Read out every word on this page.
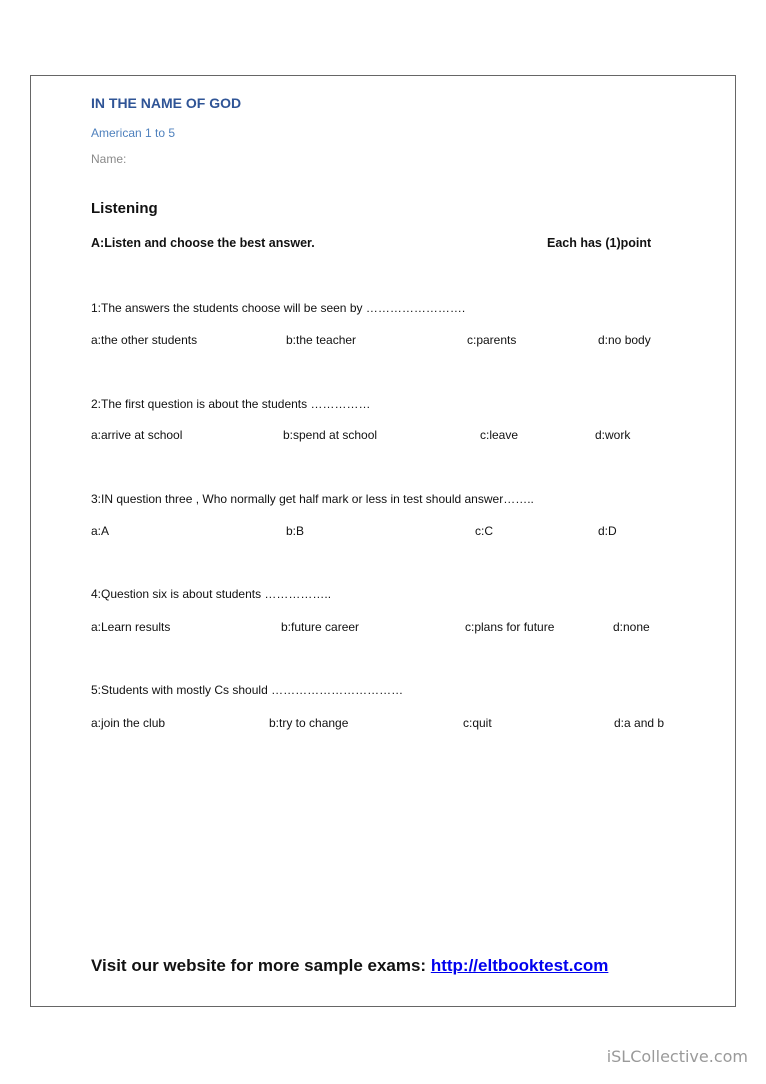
IN THE NAME OF GOD
American 1 to 5
Name:
Listening
A:Listen and choose the best answer.	Each has (1)point
1:The answers the students choose will be seen by …………………….
a:the other students	b:the teacher	c:parents	d:no body
2:The first question is about the students ……………
a:arrive at school	b:spend at school	c:leave	d:work
3:IN question three , Who normally get half mark or less in test should answer……..
a:A	b:B	c:C	d:D
4:Question six is about students ……………..
a:Learn results	b:future career	c:plans for future	d:none
5:Students with mostly Cs should ……………………………
a:join the club	b:try to change	c:quit	d:a and b
Visit our website for more sample exams: http://eltbooktest.com
iSLCollective.com
